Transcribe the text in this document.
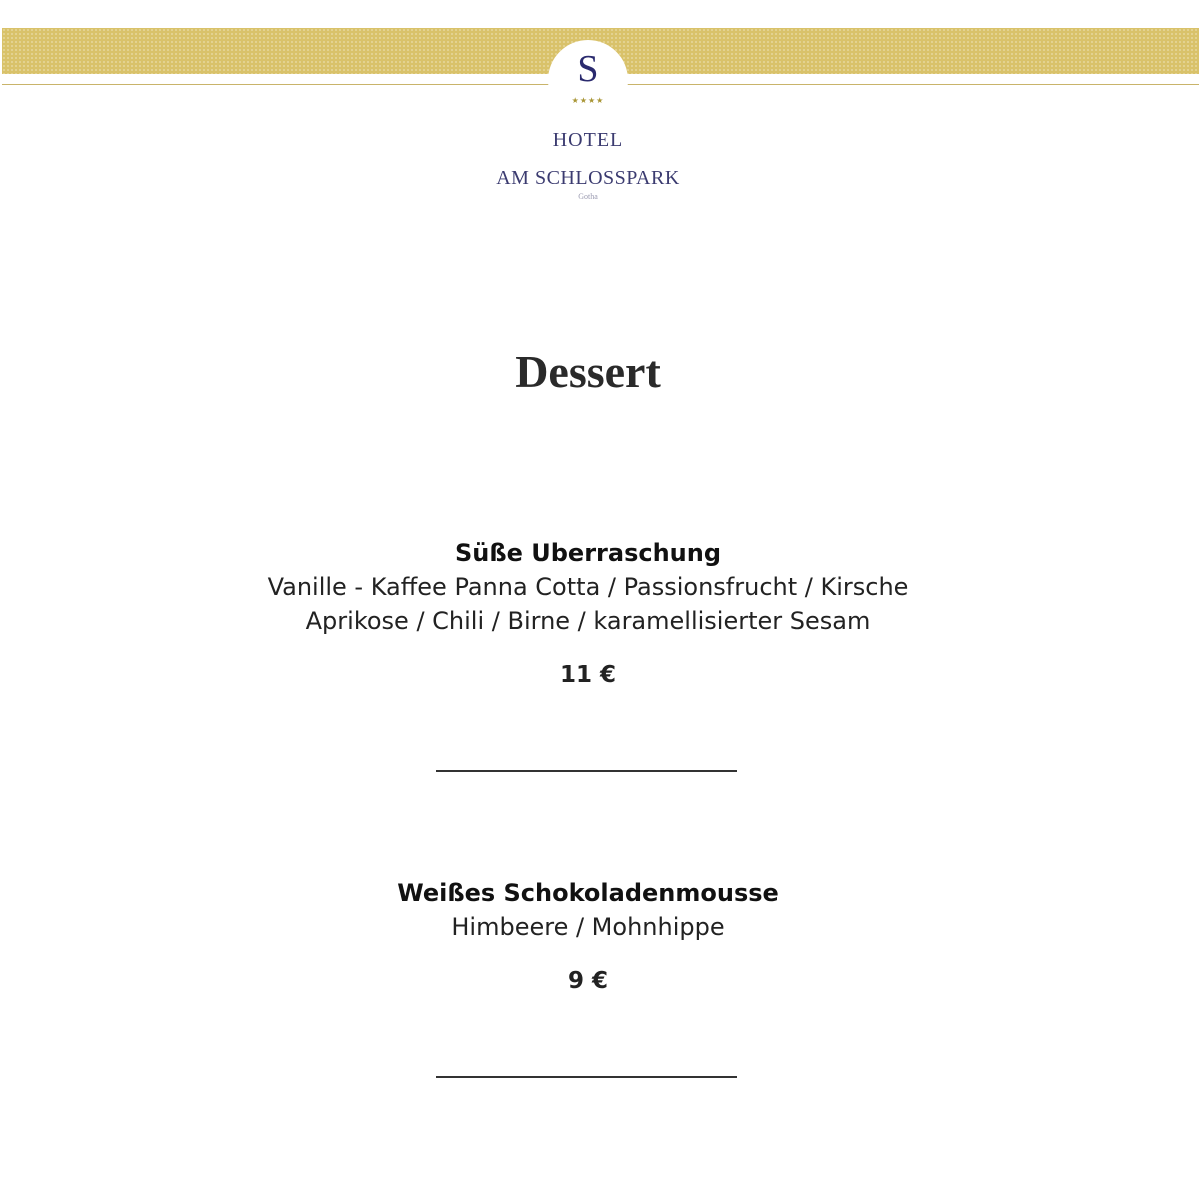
S
★★★★
HOTEL
AM SCHLOSSPARK
Gotha
Dessert
Süße Uberraschung
Vanille - Kaffee Panna Cotta / Passionsfrucht / Kirsche
Aprikose / Chili / Birne / karamellisierter Sesam
11 €
Weißes Schokoladenmousse
Himbeere / Mohnhippe
9 €
